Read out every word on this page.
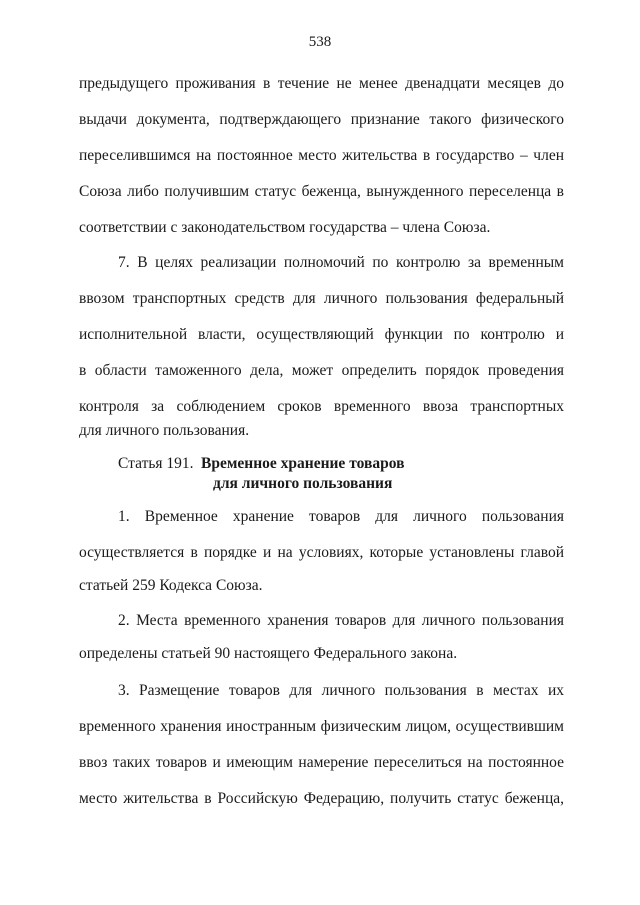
538
предыдущего проживания в течение не менее двенадцати месяцев до
выдачи документа, подтверждающего признание такого физического
переселившимся на постоянное место жительства в государство – член
Союза либо получившим статус беженца, вынужденного переселенца в
соответствии с законодательством государства – члена Союза.
7. В целях реализации полномочий по контролю за временным
ввозом транспортных средств для личного пользования федеральный
исполнительной власти, осуществляющий функции по контролю и
в области таможенного дела, может определить порядок проведения
контроля за соблюдением сроков временного ввоза транспортных
для личного пользования.
Статья 191. Временное хранение товаров
для личного пользования
1. Временное хранение товаров для личного пользования
осуществляется в порядке и на условиях, которые установлены главой
статьей 259 Кодекса Союза.
2. Места временного хранения товаров для личного пользования
определены статьей 90 настоящего Федерального закона.
3. Размещение товаров для личного пользования в местах их
временного хранения иностранным физическим лицом, осуществившим
ввоз таких товаров и имеющим намерение переселиться на постоянное
место жительства в Российскую Федерацию, получить статус беженца,
